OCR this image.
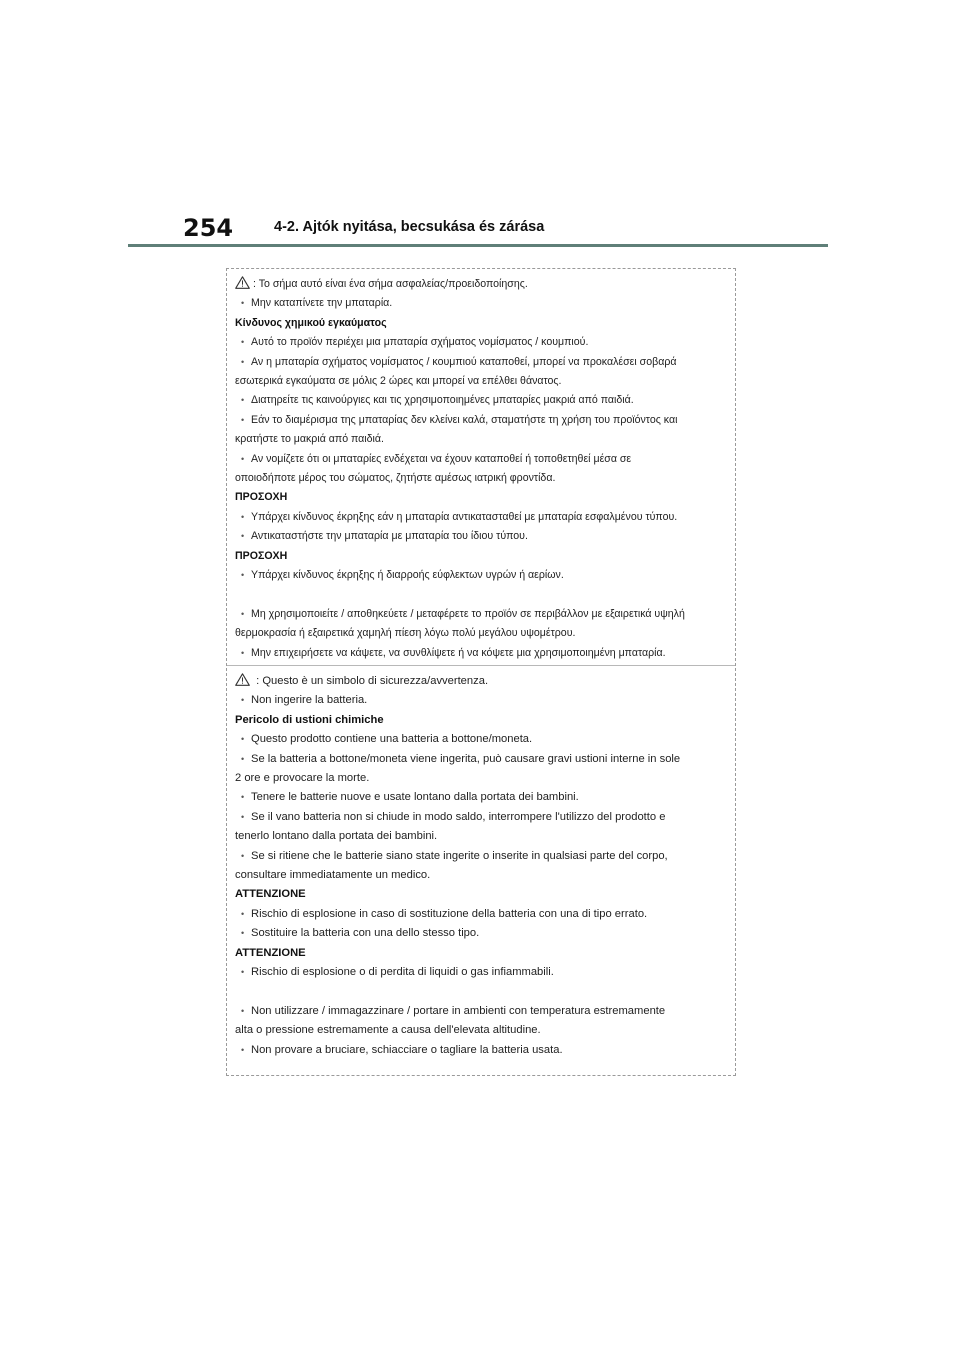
254	4-2. Ajtók nyitása, becsukása és zárása
: Το σήμα αυτό είναι ένα σήμα ασφαλείας/προειδοποίησης.
• Μην καταπίνετε την μπαταρία.
Κίνδυνος χημικού εγκαύματος
• Αυτό το προϊόν περιέχει μια μπαταρία σχήματος νομίσματος / κουμπιού.
• Αν η μπαταρία σχήματος νομίσματος / κουμπιού καταποθεί, μπορεί να προκαλέσει σοβαρά
εσωτερικά εγκαύματα σε μόλις 2 ώρες και μπορεί να επέλθει θάνατος.
• Διατηρείτε τις καινούργιες και τις χρησιμοποιημένες μπαταρίες μακριά από παιδιά.
• Εάν το διαμέρισμα της μπαταρίας δεν κλείνει καλά, σταματήστε τη χρήση του προϊόντος και
κρατήστε το μακριά από παιδιά.
• Αν νομίζετε ότι οι μπαταρίες ενδέχεται να έχουν καταποθεί ή τοποθετηθεί μέσα σε
οποιοδήποτε μέρος του σώματος, ζητήστε αμέσως ιατρική φροντίδα.
ΠΡΟΣΟΧΗ
• Υπάρχει κίνδυνος έκρηξης εάν η μπαταρία αντικατασταθεί με μπαταρία εσφαλμένου τύπου.
• Αντικαταστήστε την μπαταρία με μπαταρία του ίδιου τύπου.
ΠΡΟΣΟΧΗ
• Υπάρχει κίνδυνος έκρηξης ή διαρροής εύφλεκτων υγρών ή αερίων.
• Μη χρησιμοποιείτε / αποθηκεύετε / μεταφέρετε το προϊόν σε περιβάλλον με εξαιρετικά υψηλή
θερμοκρασία ή εξαιρετικά χαμηλή πίεση λόγω πολύ μεγάλου υψομέτρου.
• Μην επιχειρήσετε να κάψετε, να συνθλίψετε ή να κόψετε μια χρησιμοποιημένη μπαταρία.
: Questo è un simbolo di sicurezza/avvertenza.
• Non ingerire la batteria.
Pericolo di ustioni chimiche
• Questo prodotto contiene una batteria a bottone/moneta.
• Se la batteria a bottone/moneta viene ingerita, può causare gravi ustioni interne in sole
2 ore e provocare la morte.
• Tenere le batterie nuove e usate lontano dalla portata dei bambini.
• Se il vano batteria non si chiude in modo saldo, interrompere l'utilizzo del prodotto e
tenerlo lontano dalla portata dei bambini.
• Se si ritiene che le batterie siano state ingerite o inserite in qualsiasi parte del corpo,
consultare immediatamente un medico.
ATTENZIONE
• Rischio di esplosione in caso di sostituzione della batteria con una di tipo errato.
• Sostituire la batteria con una dello stesso tipo.
ATTENZIONE
• Rischio di esplosione o di perdita di liquidi o gas infiammabili.
• Non utilizzare / immagazzinare / portare in ambienti con temperatura estremamente
alta o pressione estremamente a causa dell'elevata altitudine.
• Non provare a bruciare, schiacciare o tagliare la batteria usata.
